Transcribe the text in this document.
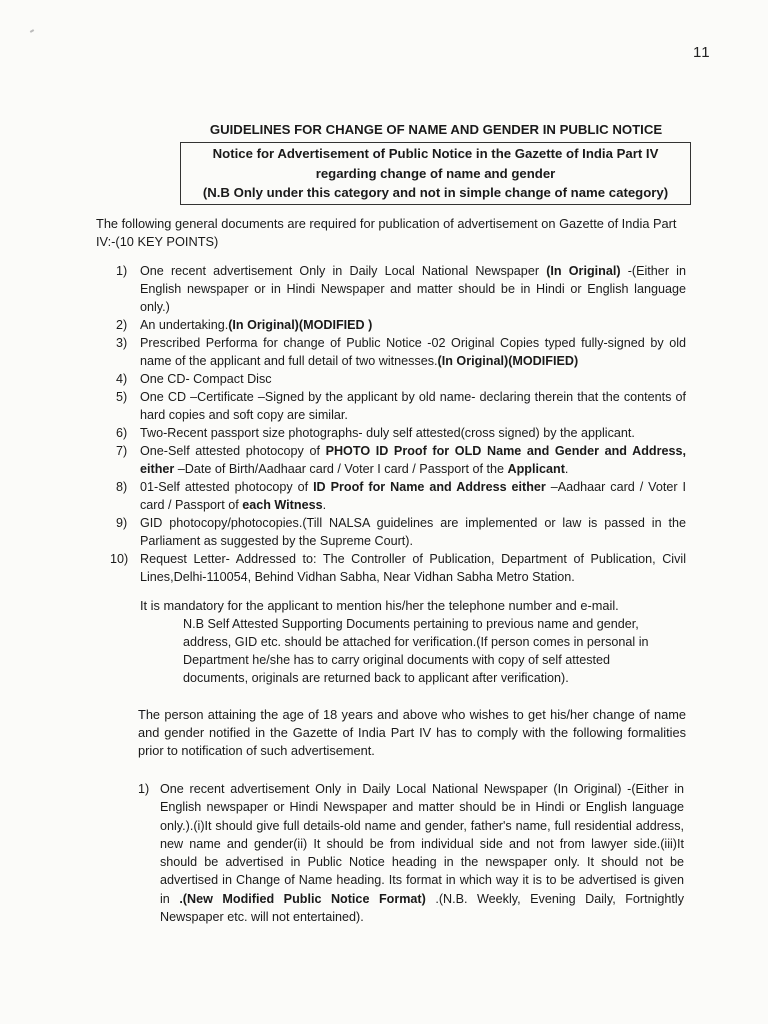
11
GUIDELINES FOR CHANGE OF NAME AND GENDER IN PUBLIC NOTICE
Notice for Advertisement of Public Notice in the Gazette of India Part IV
regarding change of name and gender
(N.B Only under this category and not in simple change of name category)

The following general documents are required for publication of advertisement on Gazette of India Part IV:-(10 KEY POINTS)

1) One recent advertisement Only in Daily Local National Newspaper (In Original) -(Either in English newspaper or in Hindi Newspaper and matter should be in Hindi or English language only.)
2) An undertaking.(In Original)(MODIFIED )
3) Prescribed Performa for change of Public Notice -02 Original Copies typed fully-signed by old name of the applicant and full detail of two witnesses.(In Original)(MODIFIED)
4) One CD- Compact Disc
5) One CD –Certificate –Signed by the applicant by old name- declaring therein that the contents of hard copies and soft copy are similar.
6) Two-Recent passport size photographs- duly self attested(cross signed) by the applicant.
7) One-Self attested photocopy of PHOTO ID Proof for OLD Name and Gender and Address, either –Date of Birth/Aadhaar card / Voter I card / Passport of the Applicant.
8) 01-Self attested photocopy of ID Proof for Name and Address either –Aadhaar card / Voter I card / Passport of each Witness.
9) GID photocopy/photocopies.(Till NALSA guidelines are implemented or law is passed in the Parliament as suggested by the Supreme Court).
10) Request Letter- Addressed to: The Controller of Publication, Department of Publication, Civil Lines,Delhi-110054, Behind Vidhan Sabha, Near Vidhan Sabha Metro Station.

It is mandatory for the applicant to mention his/her the telephone number and e-mail.

N.B Self Attested Supporting Documents pertaining to previous name and gender, address, GID etc. should be attached for verification.(If person comes in personal in Department he/she has to carry original documents with copy of self attested documents, originals are returned back to applicant after verification).

The person attaining the age of 18 years and above who wishes to get his/her change of name and gender notified in the Gazette of India Part IV has to comply with the following formalities prior to notification of such advertisement.

1) One recent advertisement Only in Daily Local National Newspaper (In Original) -(Either in English newspaper or Hindi Newspaper and matter should be in Hindi or English language only.).(i)It should give full details-old name and gender, father's name, full residential address, new name and gender(ii) It should be from individual side and not from lawyer side.(iii)It should be advertised in Public Notice heading in the newspaper only. It should not be advertised in Change of Name heading. Its format in which way it is to be advertised is given in .(New Modified Public Notice Format) .(N.B. Weekly, Evening Daily, Fortnightly Newspaper etc. will not entertained).
